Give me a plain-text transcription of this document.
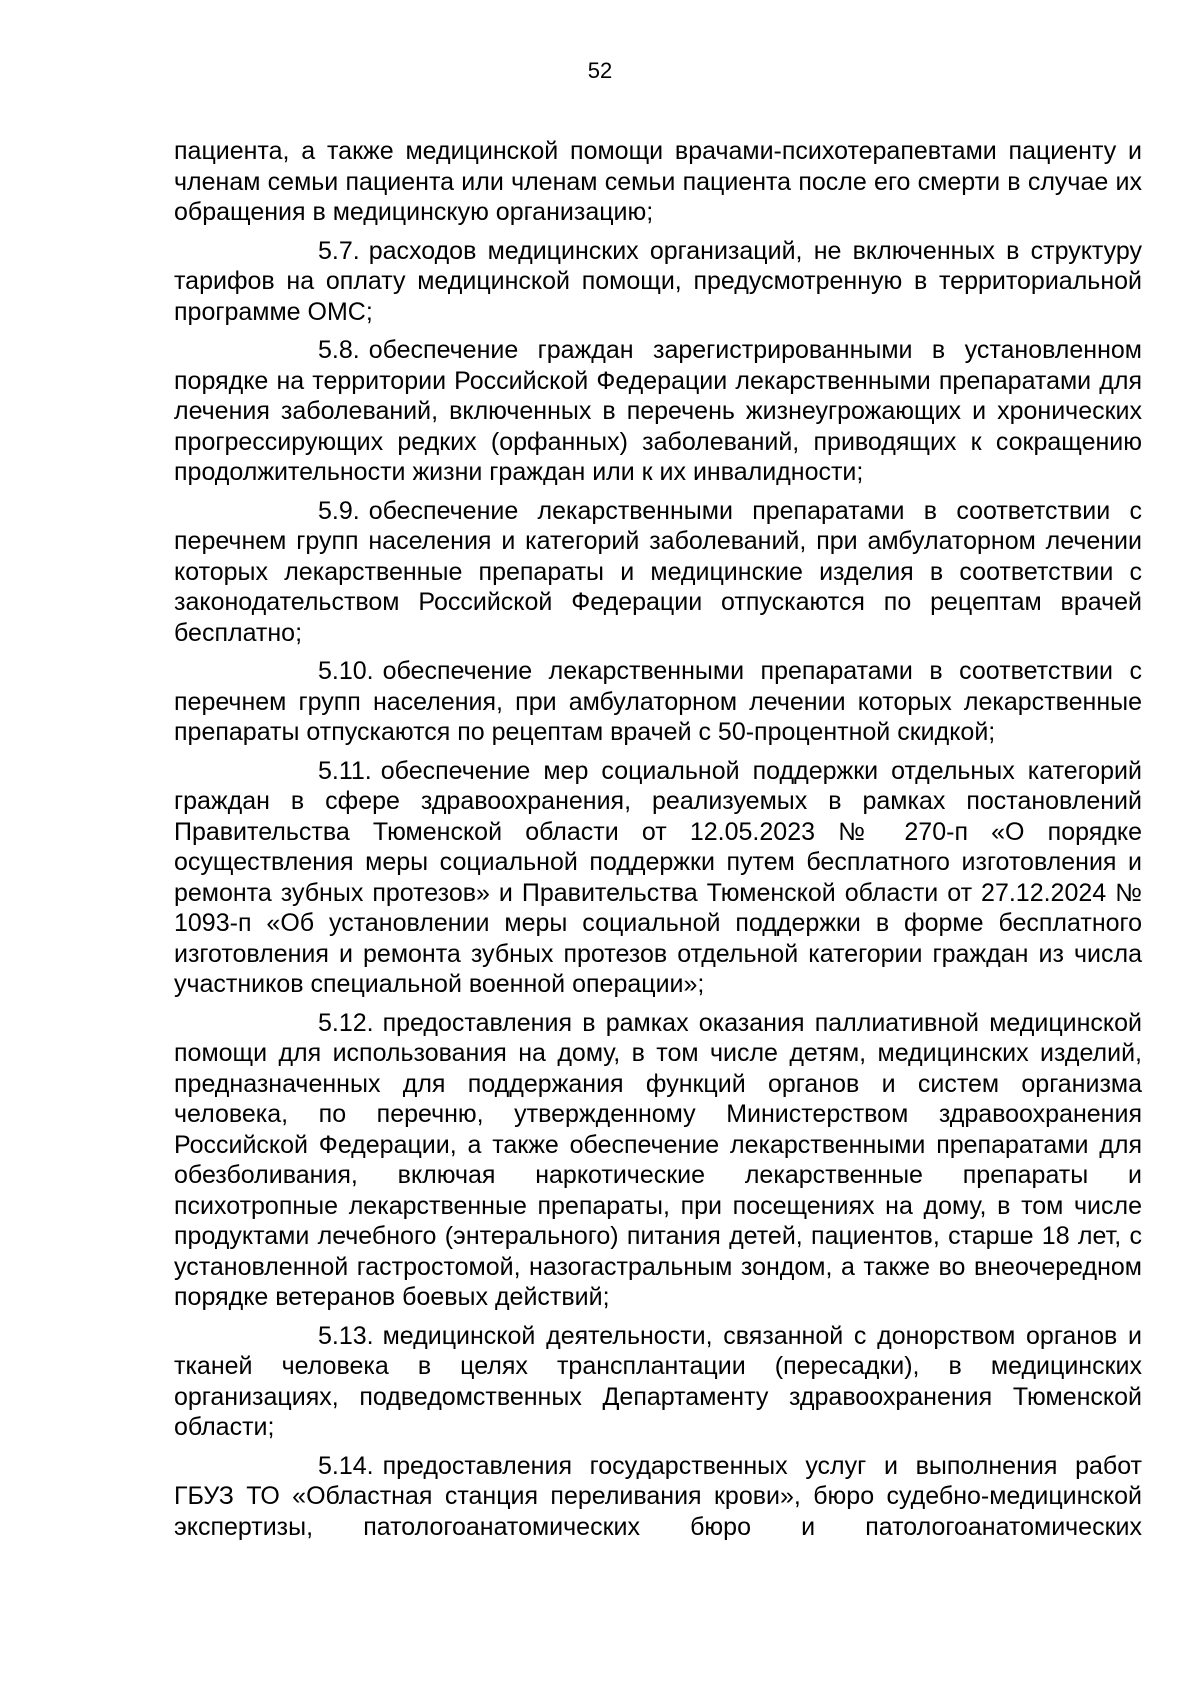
52

пациента, а также медицинской помощи врачами-психотерапевтами пациенту и членам семьи пациента или членам семьи пациента после его смерти в случае их обращения в медицинскую организацию;

5.7. расходов медицинских организаций, не включенных в структуру тарифов на оплату медицинской помощи, предусмотренную в территориальной программе ОМС;

5.8. обеспечение граждан зарегистрированными в установленном порядке на территории Российской Федерации лекарственными препаратами для лечения заболеваний, включенных в перечень жизнеугрожающих и хронических прогрессирующих редких (орфанных) заболеваний, приводящих к сокращению продолжительности жизни граждан или к их инвалидности;

5.9. обеспечение лекарственными препаратами в соответствии с перечнем групп населения и категорий заболеваний, при амбулаторном лечении которых лекарственные препараты и медицинские изделия в соответствии с законодательством Российской Федерации отпускаются по рецептам врачей бесплатно;

5.10. обеспечение лекарственными препаратами в соответствии с перечнем групп населения, при амбулаторном лечении которых лекарственные препараты отпускаются по рецептам врачей с 50-процентной скидкой;

5.11. обеспечение мер социальной поддержки отдельных категорий граждан в сфере здравоохранения, реализуемых в рамках постановлений Правительства Тюменской области от 12.05.2023 № 270-п «О порядке осуществления меры социальной поддержки путем бесплатного изготовления и ремонта зубных протезов» и Правительства Тюменской области от 27.12.2024 № 1093-п «Об установлении меры социальной поддержки в форме бесплатного изготовления и ремонта зубных протезов отдельной категории граждан из числа участников специальной военной операции»;

5.12. предоставления в рамках оказания паллиативной медицинской помощи для использования на дому, в том числе детям, медицинских изделий, предназначенных для поддержания функций органов и систем организма человека, по перечню, утвержденному Министерством здравоохранения Российской Федерации, а также обеспечение лекарственными препаратами для обезболивания, включая наркотические лекарственные препараты и психотропные лекарственные препараты, при посещениях на дому, в том числе продуктами лечебного (энтерального) питания детей, пациентов, старше 18 лет, с установленной гастростомой, назогастральным зондом, а также во внеочередном порядке ветеранов боевых действий;

5.13. медицинской деятельности, связанной с донорством органов и тканей человека в целях трансплантации (пересадки), в медицинских организациях, подведомственных Департаменту здравоохранения Тюменской области;

5.14. предоставления государственных услуг и выполнения работ ГБУЗ ТО «Областная станция переливания крови», бюро судебно-медицинской экспертизы, патологоанатомических бюро и патологоанатомических
